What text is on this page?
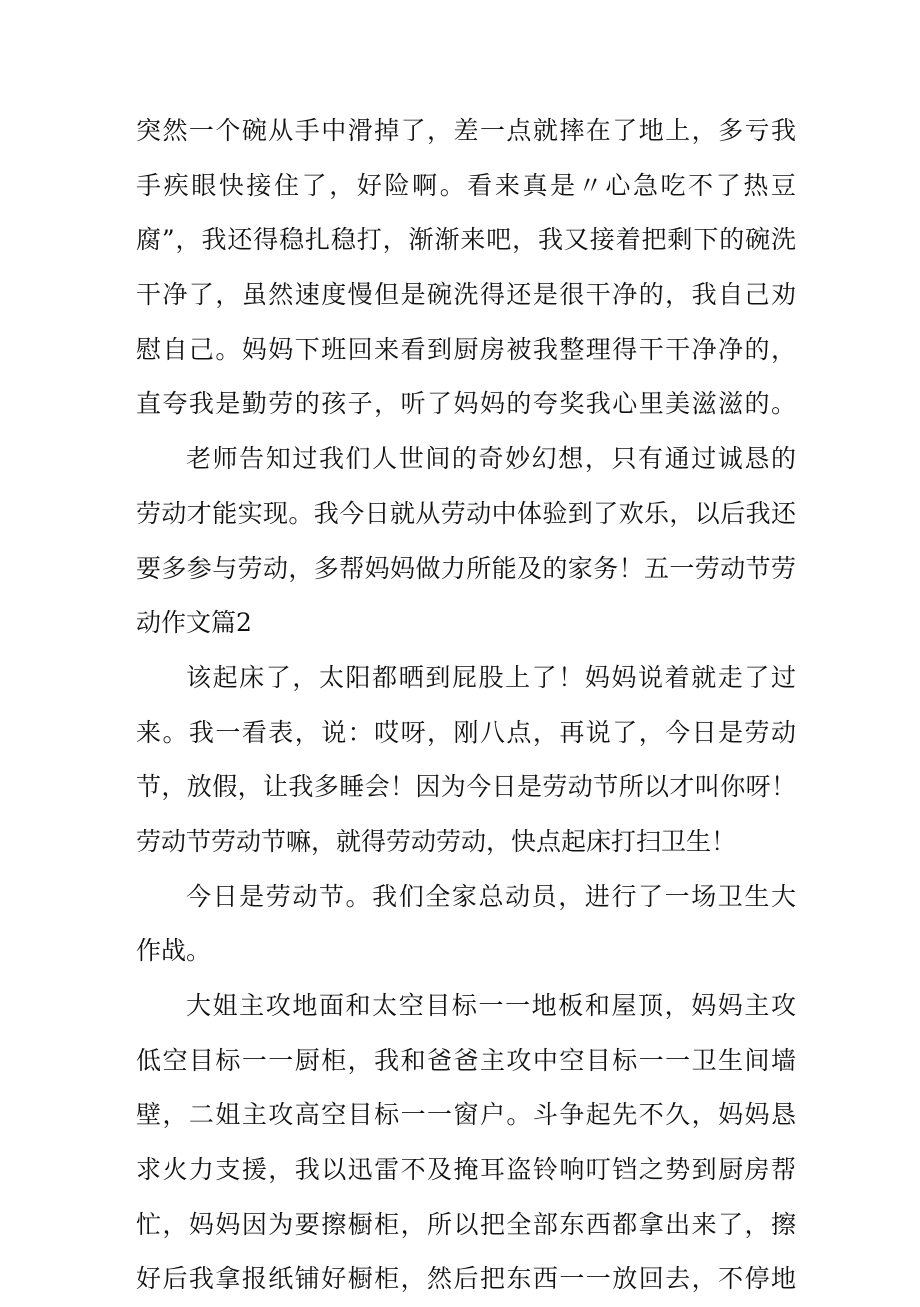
突然一个碗从手中滑掉了，差一点就摔在了地上，多亏我
手疾眼快接住了，好险啊。看来真是〃心急吃不了热豆
腐”，我还得稳扎稳打，渐渐来吧，我又接着把剩下的碗洗
干净了，虽然速度慢但是碗洗得还是很干净的，我自己劝
慰自己。妈妈下班回来看到厨房被我整理得干干净净的，
直夸我是勤劳的孩子，听了妈妈的夸奖我心里美滋滋的。
老师告知过我们人世间的奇妙幻想，只有通过诚恳的
劳动才能实现。我今日就从劳动中体验到了欢乐，以后我还
要多参与劳动，多帮妈妈做力所能及的家务！五一劳动节劳
动作文篇2
该起床了，太阳都晒到屁股上了！妈妈说着就走了过
来。我一看表，说：哎呀，刚八点，再说了，今日是劳动
节，放假，让我多睡会！因为今日是劳动节所以才叫你呀！
劳动节劳动节嘛，就得劳动劳动，快点起床打扫卫生！
今日是劳动节。我们全家总动员，进行了一场卫生大
作战。
大姐主攻地面和太空目标一一地板和屋顶，妈妈主攻
低空目标一一厨柜，我和爸爸主攻中空目标一一卫生间墙
壁，二姐主攻高空目标一一窗户。斗争起先不久，妈妈恳
求火力支援，我以迅雷不及掩耳盗铃响叮铛之势到厨房帮
忙，妈妈因为要擦橱柜，所以把全部东西都拿出来了，擦
好后我拿报纸铺好橱柜，然后把东西一一放回去，不停地
